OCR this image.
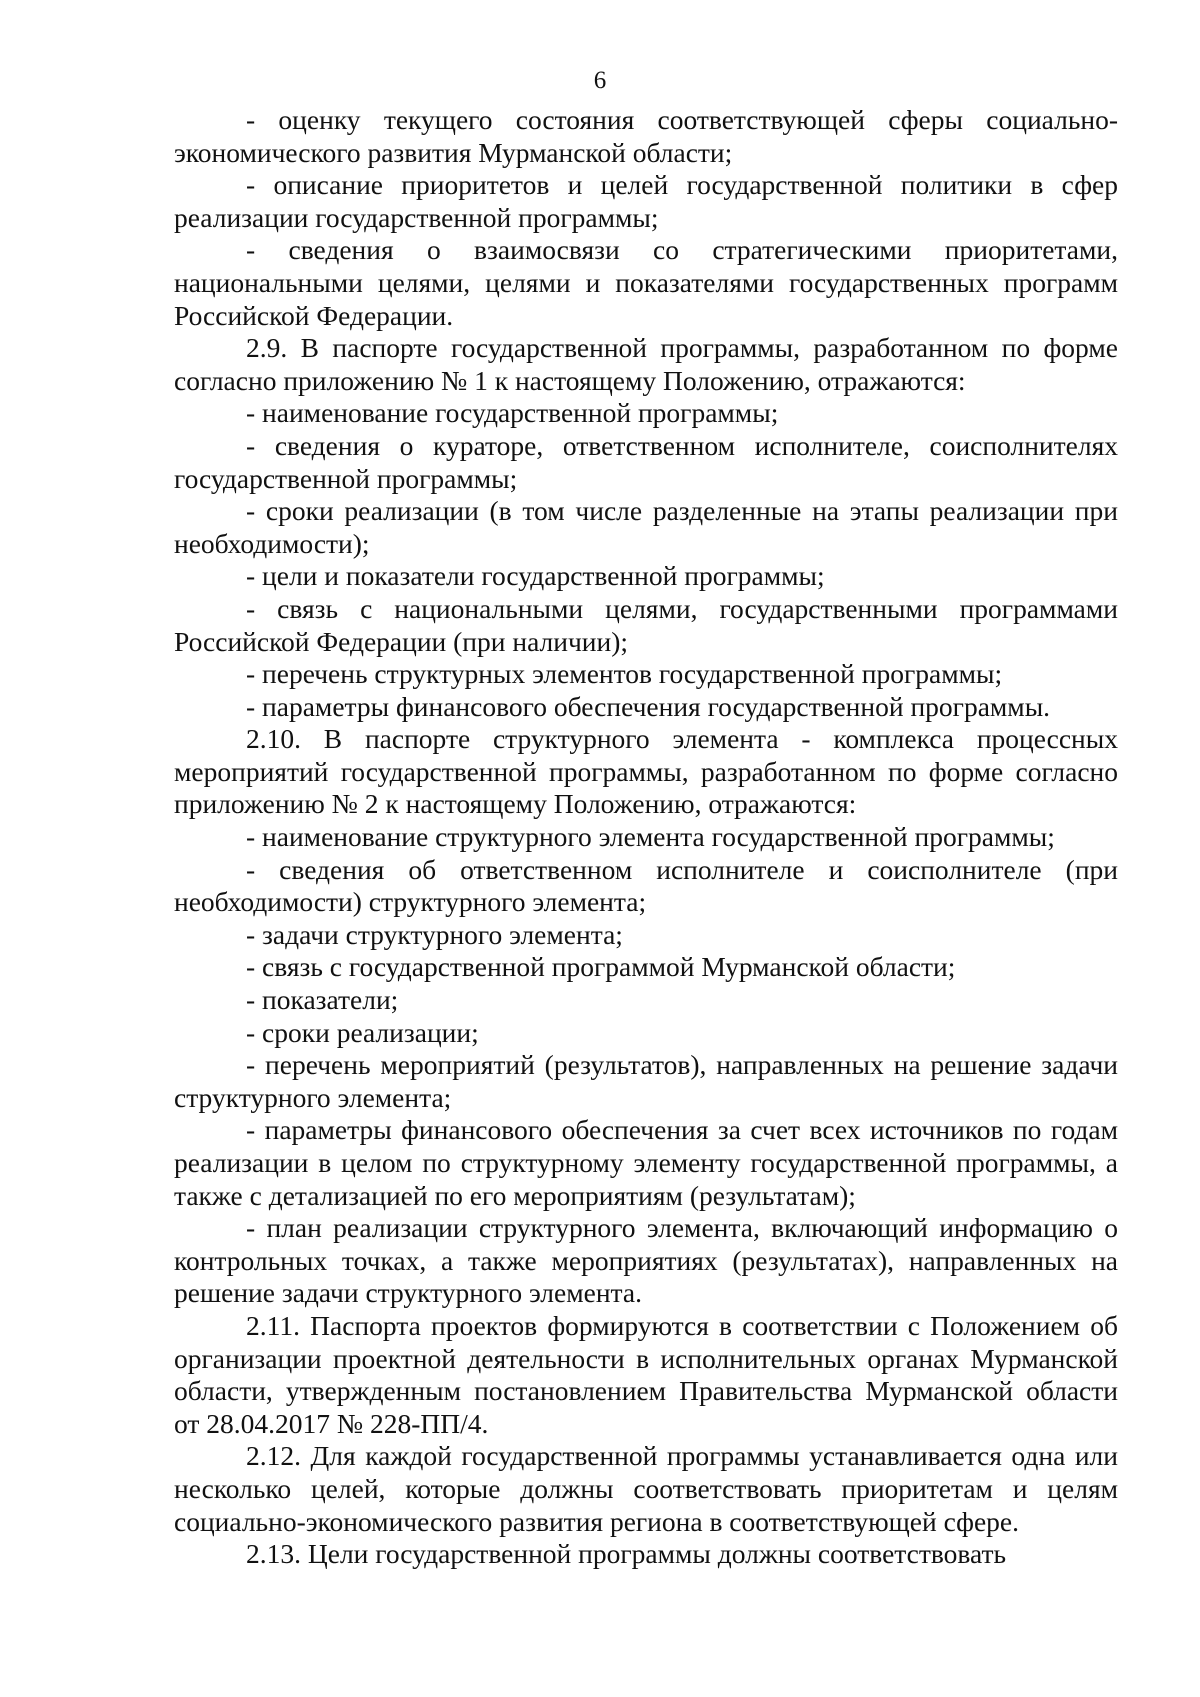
6

- оценку текущего состояния соответствующей сферы социально-экономического развития Мурманской области;

- описание приоритетов и целей государственной политики в сфер реализации государственной программы;

- сведения о взаимосвязи со стратегическими приоритетами, национальными целями, целями и показателями государственных программ Российской Федерации.

2.9. В паспорте государственной программы, разработанном по форме согласно приложению № 1 к настоящему Положению, отражаются:

- наименование государственной программы;

- сведения о кураторе, ответственном исполнителе, соисполнителях государственной программы;

- сроки реализации (в том числе разделенные на этапы реализации при необходимости);

- цели и показатели государственной программы;

- связь с национальными целями, государственными программами Российской Федерации (при наличии);

- перечень структурных элементов государственной программы;

- параметры финансового обеспечения государственной программы.

2.10. В паспорте структурного элемента - комплекса процессных мероприятий государственной программы, разработанном по форме согласно приложению № 2 к настоящему Положению, отражаются:

- наименование структурного элемента государственной программы;

- сведения об ответственном исполнителе и соисполнителе (при необходимости) структурного элемента;

- задачи структурного элемента;

- связь с государственной программой Мурманской области;

- показатели;

- сроки реализации;

- перечень мероприятий (результатов), направленных на решение задачи структурного элемента;

- параметры финансового обеспечения за счет всех источников по годам реализации в целом по структурному элементу государственной программы, а также с детализацией по его мероприятиям (результатам);

- план реализации структурного элемента, включающий информацию о контрольных точках, а также мероприятиях (результатах), направленных на решение задачи структурного элемента.

2.11. Паспорта проектов формируются в соответствии с Положением об организации проектной деятельности в исполнительных органах Мурманской области, утвержденным постановлением Правительства Мурманской области от 28.04.2017 № 228-ПП/4.

2.12. Для каждой государственной программы устанавливается одна или несколько целей, которые должны соответствовать приоритетам и целям социально-экономического развития региона в соответствующей сфере.

2.13. Цели государственной программы должны соответствовать
